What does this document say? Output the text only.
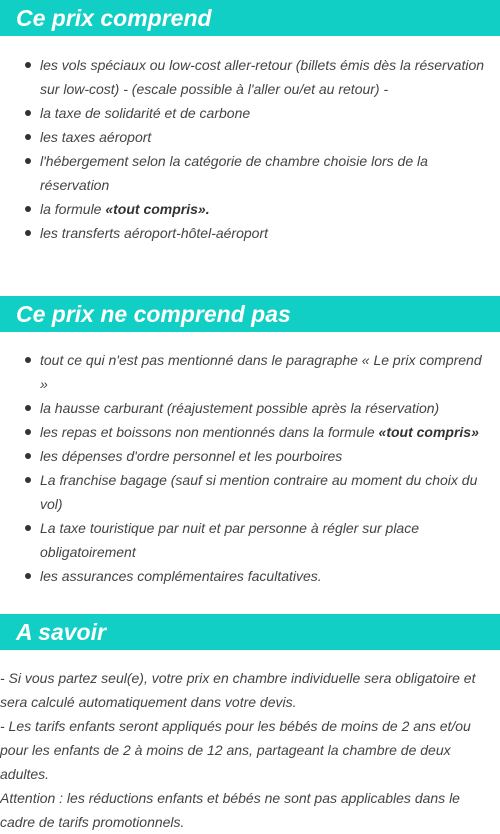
Ce prix comprend
les vols spéciaux ou low-cost aller-retour (billets émis dès la réservation sur low-cost) - (escale possible à l'aller ou/et au retour) -
la taxe de solidarité et de carbone
les taxes aéroport
l'hébergement selon la catégorie de chambre choisie lors de la réservation
la formule «tout compris».
les transferts aéroport-hôtel-aéroport
Ce prix ne comprend pas
tout ce qui n'est pas mentionné dans le paragraphe « Le prix comprend »
la hausse carburant (réajustement possible après la réservation)
les repas et boissons non mentionnés dans la formule «tout compris»
les dépenses d'ordre personnel et les pourboires
La franchise bagage (sauf si mention contraire au moment du choix du vol)
La taxe touristique par nuit et par personne à régler sur place obligatoirement
les assurances complémentaires facultatives.
A savoir
- Si vous partez seul(e), votre prix en chambre individuelle sera obligatoire et sera calculé automatiquement dans votre devis.
- Les tarifs enfants seront appliqués pour les bébés de moins de 2 ans et/ou pour les enfants de 2 à moins de 12 ans, partageant la chambre de deux adultes.
Attention : les réductions enfants et bébés ne sont pas applicables dans le cadre de tarifs promotionnels.
